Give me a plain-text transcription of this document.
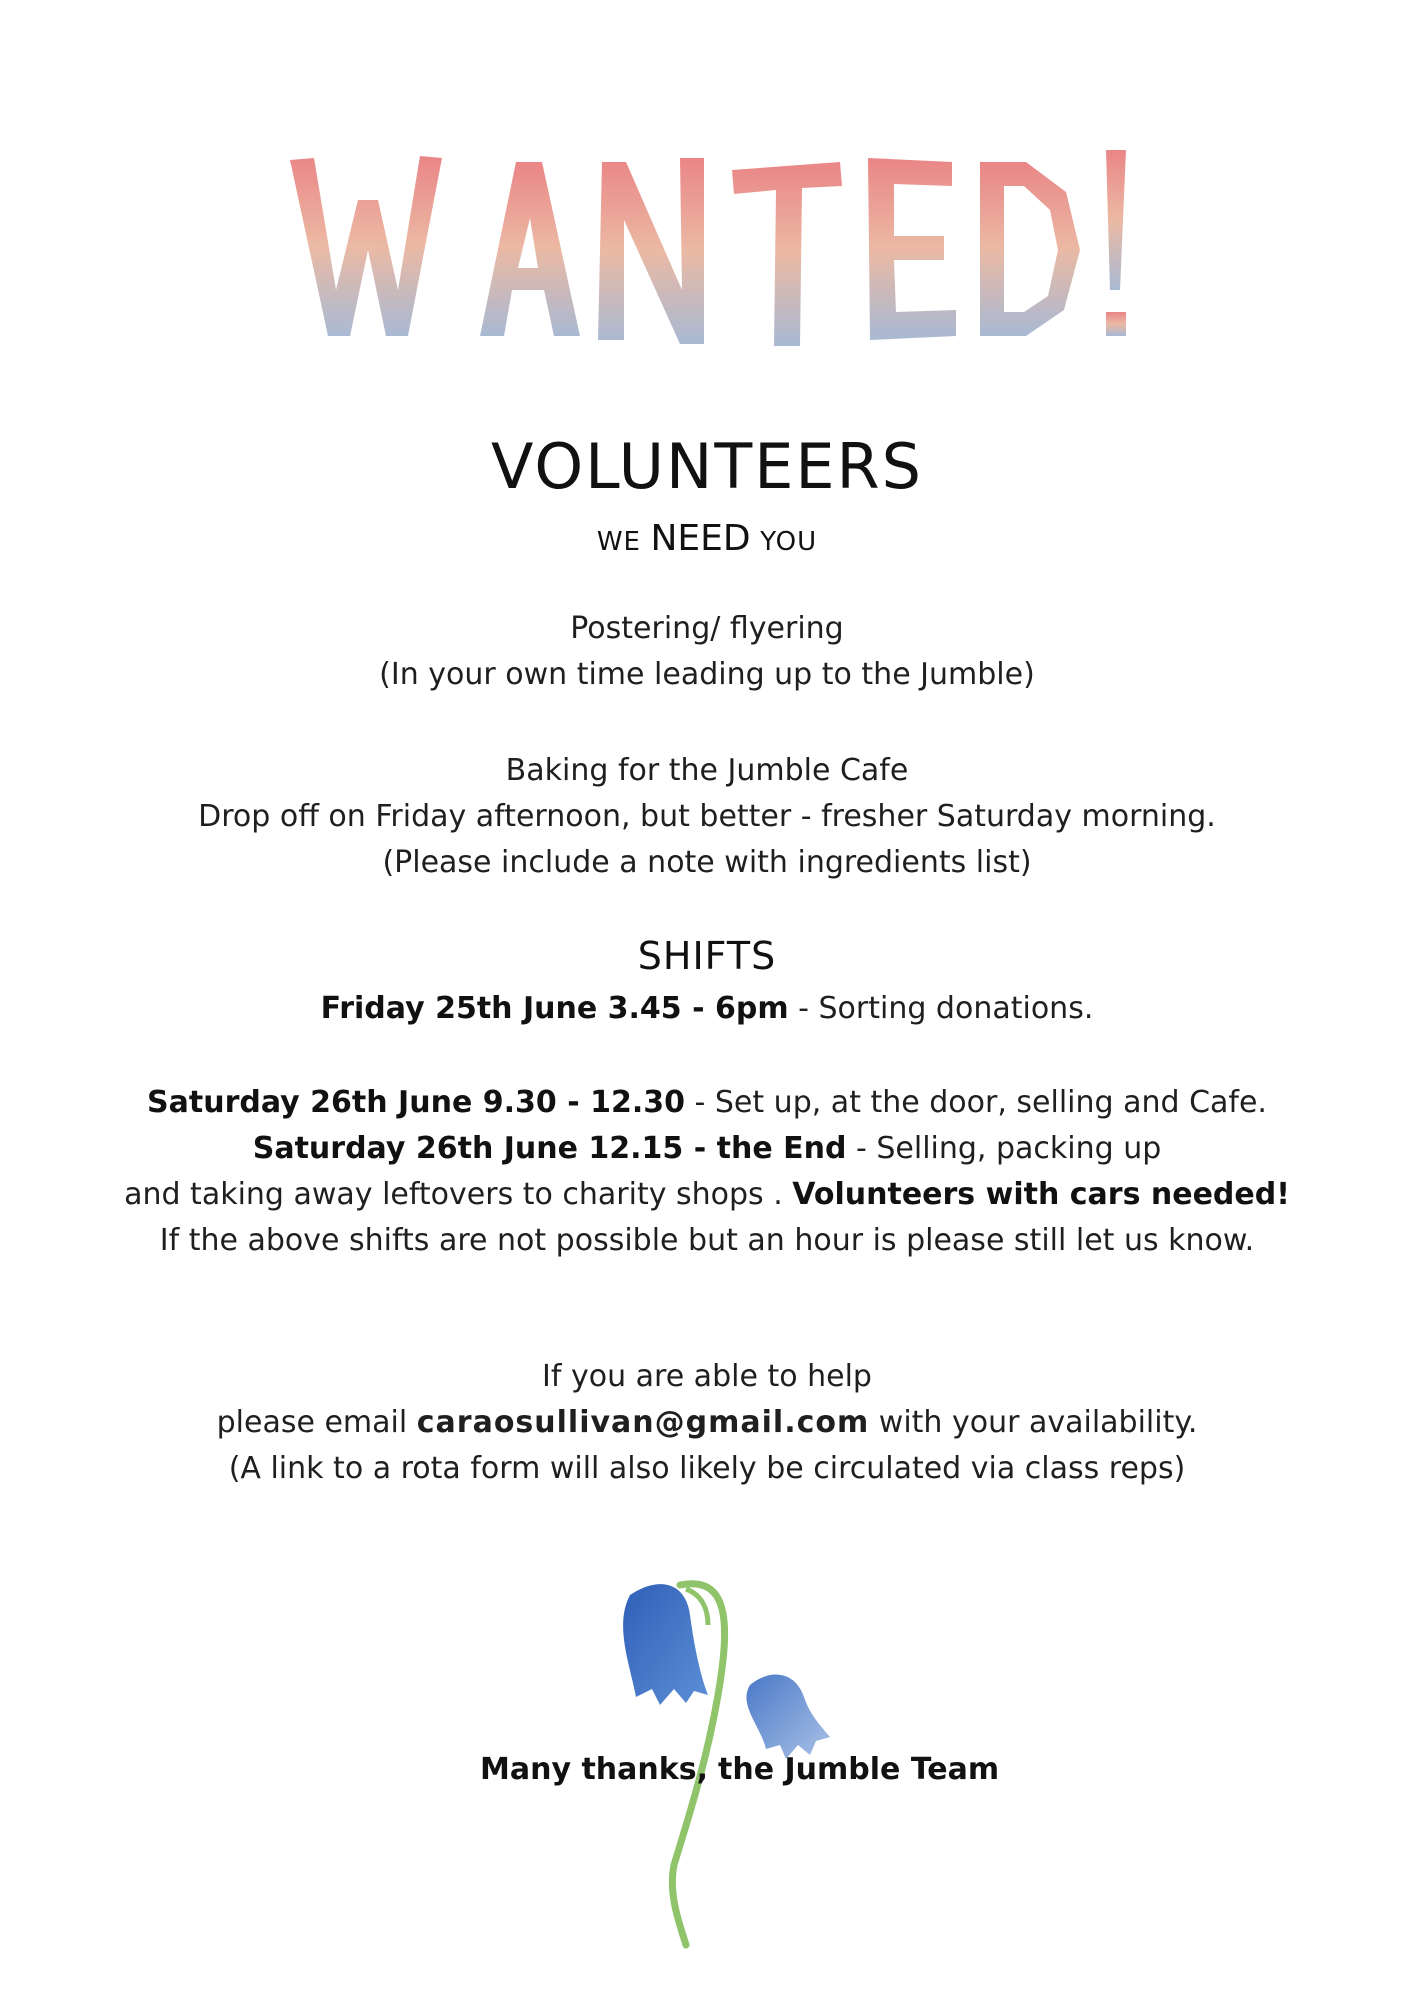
VOLUNTEERS
WE NEED YOU
Postering/ flyering
(In your own time leading up to the Jumble)
Baking for the Jumble Cafe
Drop off on Friday afternoon, but better - fresher Saturday morning.
(Please include a note with ingredients list)
SHIFTS
Friday 25th June 3.45 - 6pm - Sorting donations.
Saturday 26th June 9.30 - 12.30 - Set up, at the door, selling and Cafe.
Saturday 26th June 12.15 - the End - Selling, packing up
and taking away leftovers to charity shops . Volunteers with cars needed!
If the above shifts are not possible but an hour is please still let us know.
If you are able to help
please email caraosullivan@gmail.com with your availability.
(A link to a rota form will also likely be circulated via class reps)
Many thanks, the Jumble Team
